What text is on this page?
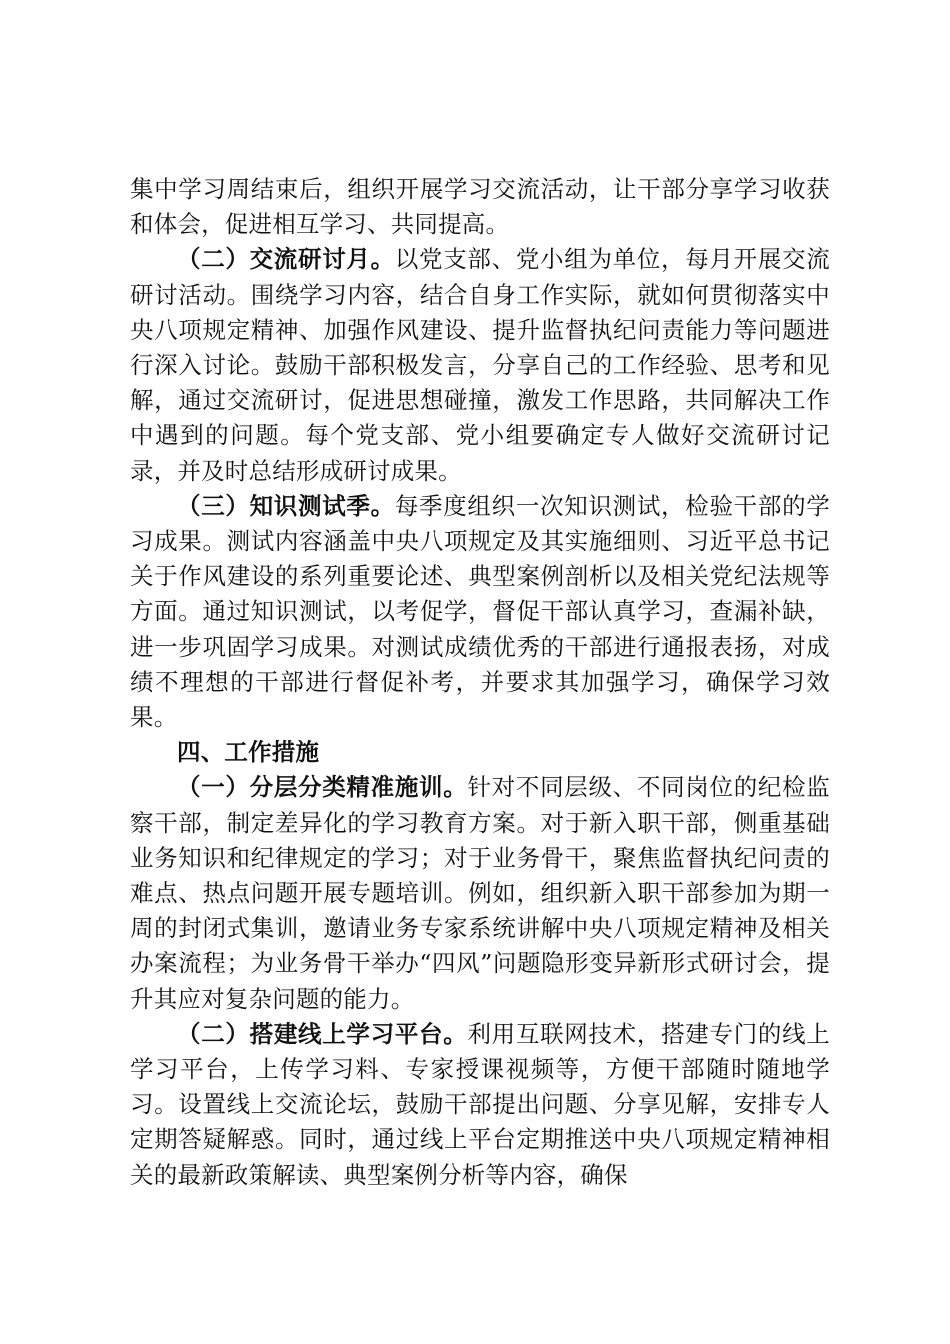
集中学习周结束后，组织开展学习交流活动，让干部分享学习收获和体会，促进相互学习、共同提高。

（二）交流研讨月。以党支部、党小组为单位，每月开展交流研讨活动。围绕学习内容，结合自身工作实际，就如何贯彻落实中央八项规定精神、加强作风建设、提升监督执纪问责能力等问题进行深入讨论。鼓励干部积极发言，分享自己的工作经验、思考和见解，通过交流研讨，促进思想碰撞，激发工作思路，共同解决工作中遇到的问题。每个党支部、党小组要确定专人做好交流研讨记录，并及时总结形成研讨成果。

（三）知识测试季。每季度组织一次知识测试，检验干部的学习成果。测试内容涵盖中央八项规定及其实施细则、习近平总书记关于作风建设的系列重要论述、典型案例剖析以及相关党纪法规等方面。通过知识测试，以考促学，督促干部认真学习，查漏补缺，进一步巩固学习成果。对测试成绩优秀的干部进行通报表扬，对成绩不理想的干部进行督促补考，并要求其加强学习，确保学习效果。

四、工作措施

（一）分层分类精准施训。针对不同层级、不同岗位的纪检监察干部，制定差异化的学习教育方案。对于新入职干部，侧重基础业务知识和纪律规定的学习；对于业务骨干，聚焦监督执纪问责的难点、热点问题开展专题培训。例如，组织新入职干部参加为期一周的封闭式集训，邀请业务专家系统讲解中央八项规定精神及相关办案流程；为业务骨干举办“四风”问题隐形变异新形式研讨会，提升其应对复杂问题的能力。

（二）搭建线上学习平台。利用互联网技术，搭建专门的线上学习平台，上传学习料、专家授课视频等，方便干部随时随地学习。设置线上交流论坛，鼓励干部提出问题、分享见解，安排专人定期答疑解惑。同时，通过线上平台定期推送中央八项规定精神相关的最新政策解读、典型案例分析等内容，确保
